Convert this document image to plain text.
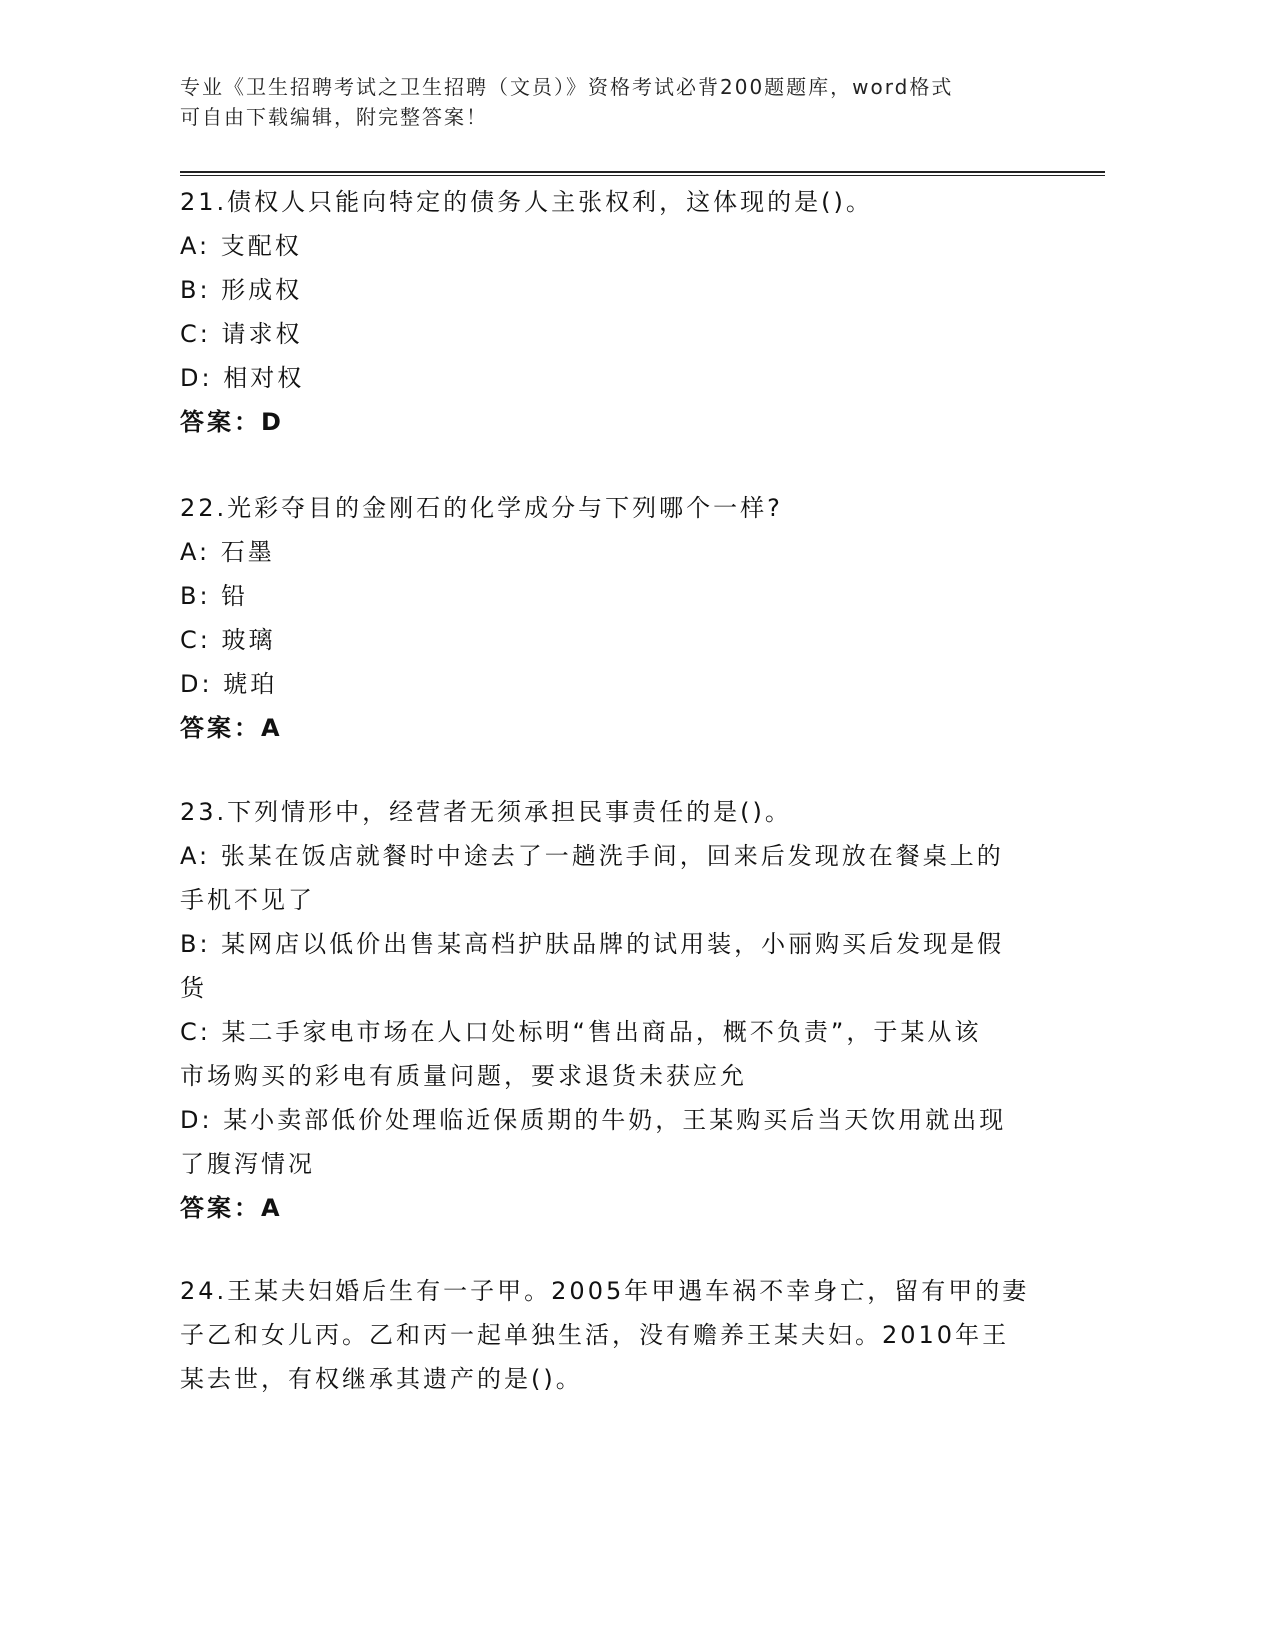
专业《卫生招聘考试之卫生招聘（文员）》资格考试必背200题题库，word格式
可自由下载编辑，附完整答案！
21.债权人只能向特定的债务人主张权利，这体现的是()。
A: 支配权
B: 形成权
C: 请求权
D: 相对权
答案：D
22.光彩夺目的金刚石的化学成分与下列哪个一样?
A: 石墨
B: 铅
C: 玻璃
D: 琥珀
答案：A
23.下列情形中，经营者无须承担民事责任的是()。
A: 张某在饭店就餐时中途去了一趟洗手间，回来后发现放在餐桌上的
手机不见了
B: 某网店以低价出售某高档护肤品牌的试用装，小丽购买后发现是假
货
C: 某二手家电市场在人口处标明“售出商品，概不负责”，于某从该
市场购买的彩电有质量问题，要求退货未获应允
D: 某小卖部低价处理临近保质期的牛奶，王某购买后当天饮用就出现
了腹泻情况
答案：A
24.王某夫妇婚后生有一子甲。2005年甲遇车祸不幸身亡，留有甲的妻
子乙和女儿丙。乙和丙一起单独生活，没有赡养王某夫妇。2010年王
某去世，有权继承其遗产的是()。
